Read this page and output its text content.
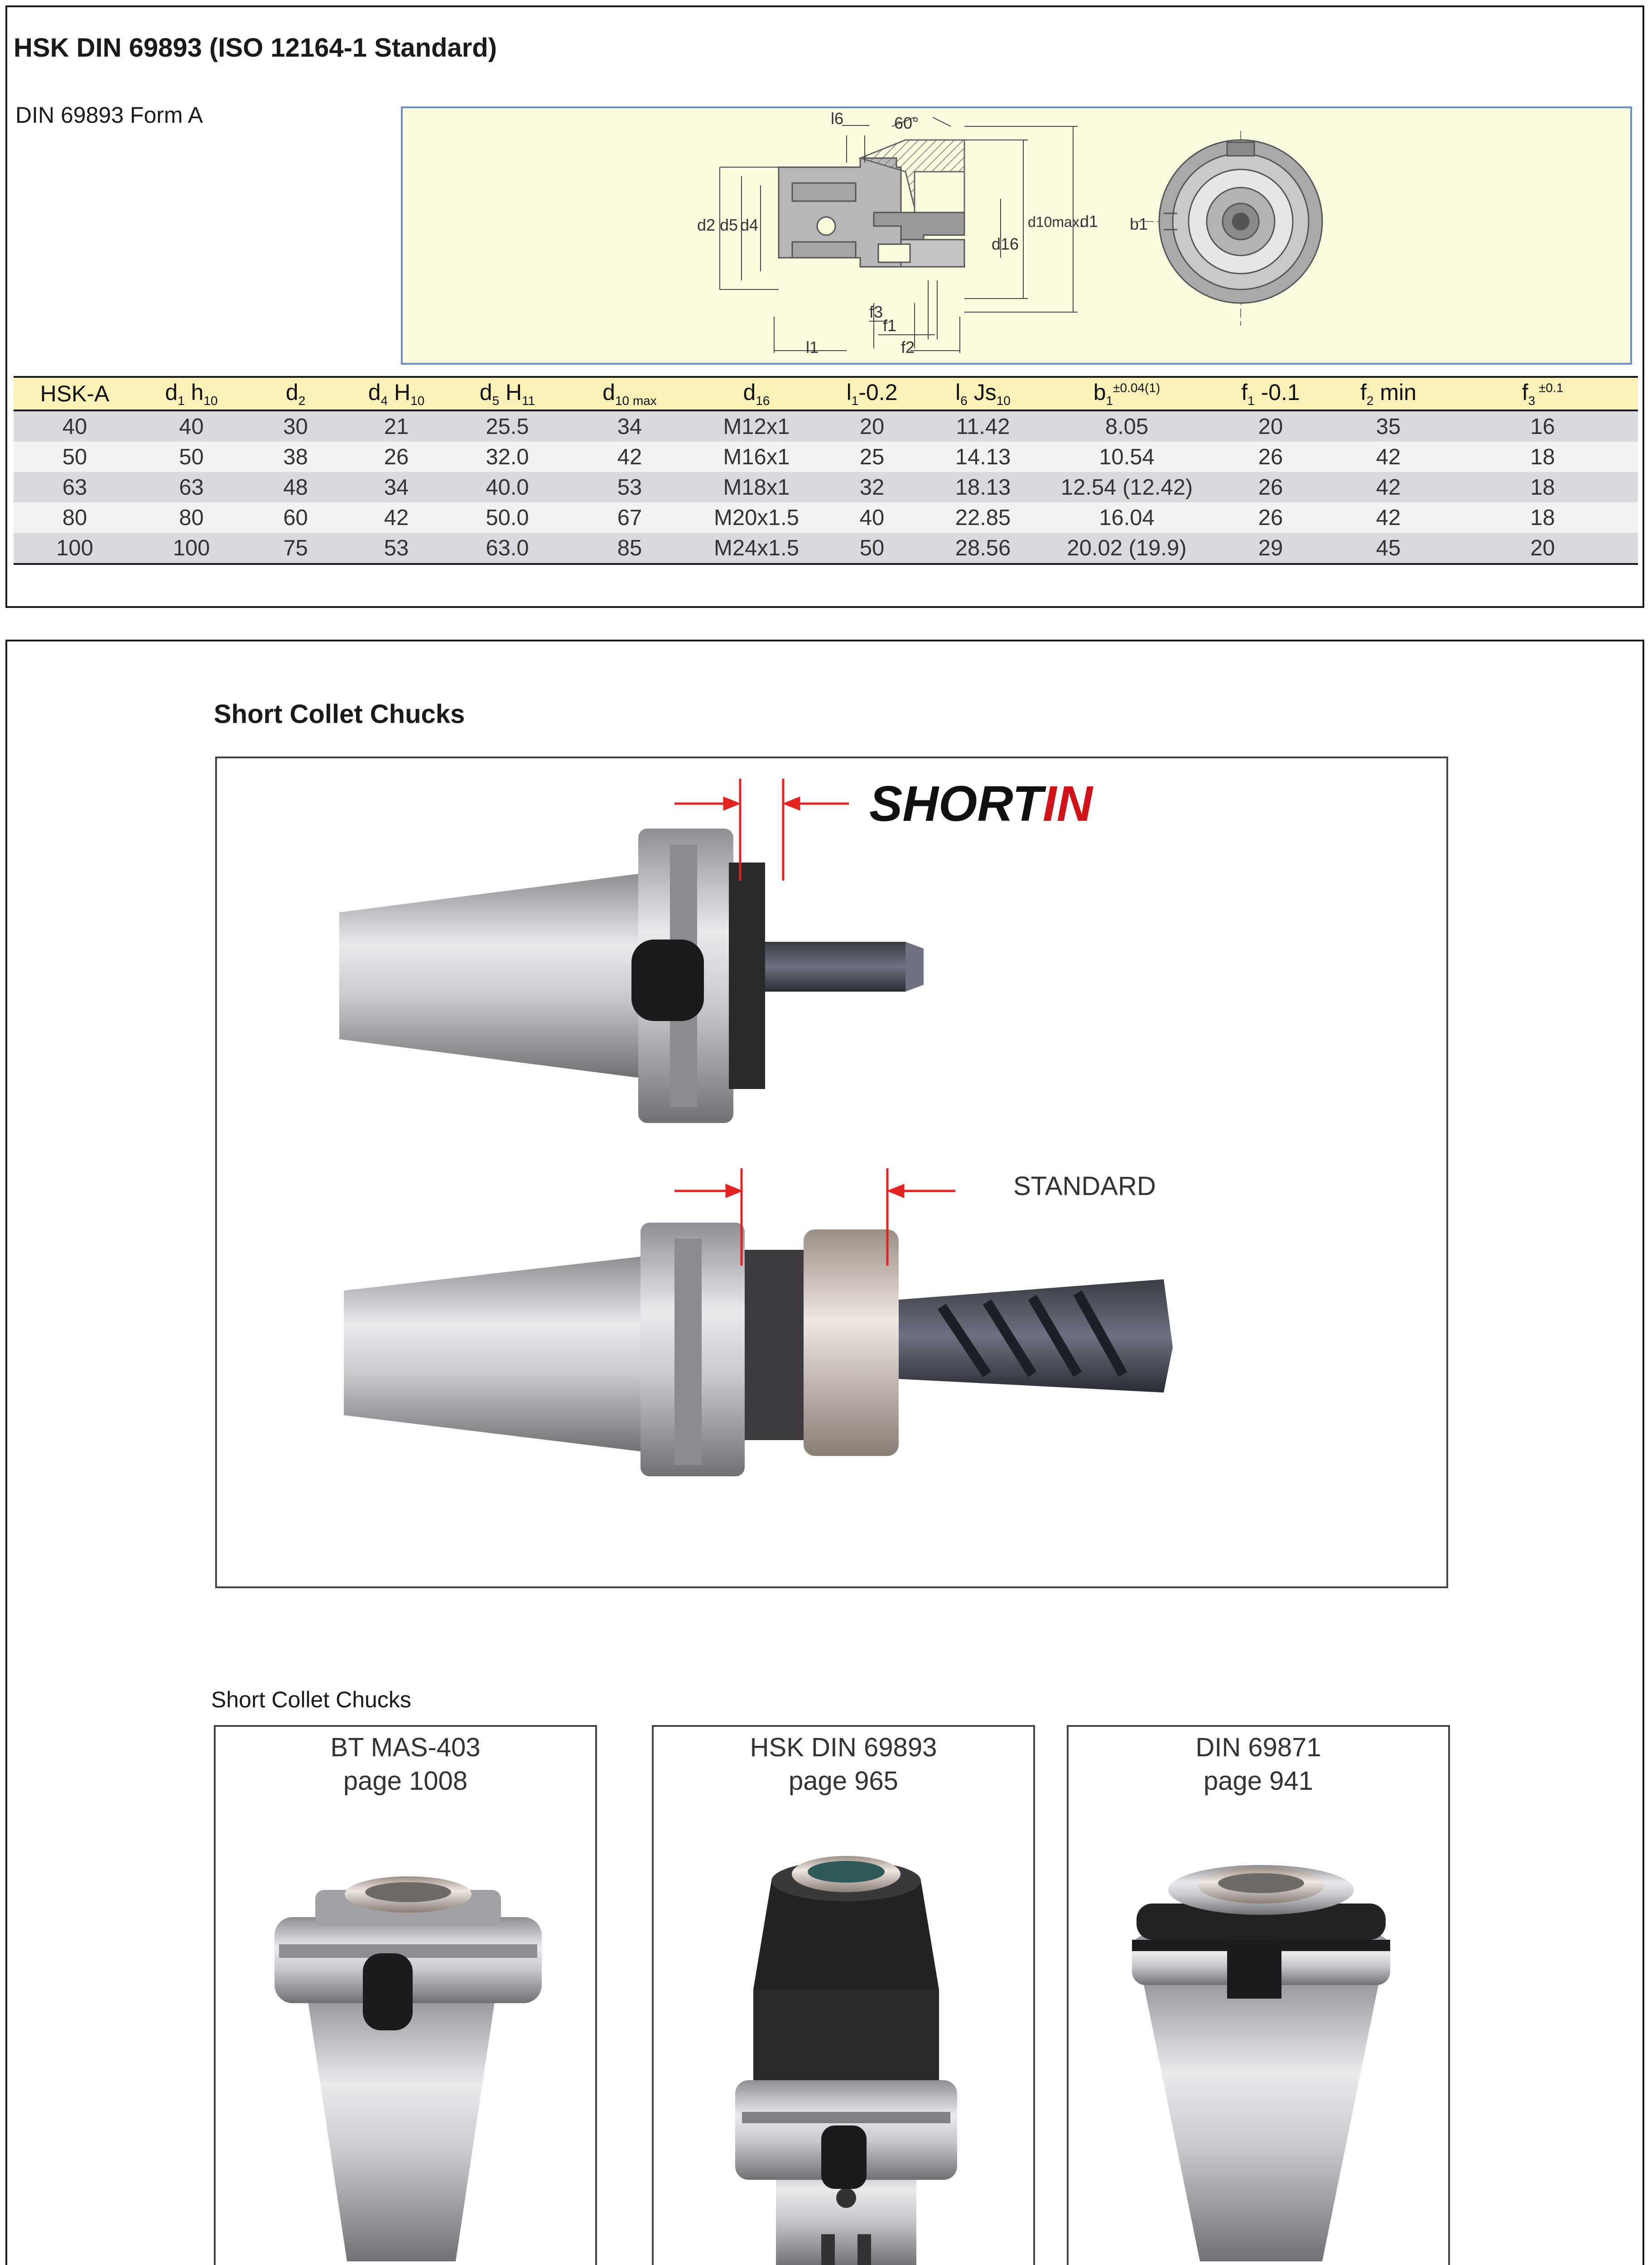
HSK DIN 69893 (ISO 12164-1 Standard)
DIN 69893 Form A	l6	60°
d2 d5 d4	d10max.
d1
d16
f3
f1
f2
l1
b1
HSK-A	$d_1$ $h_{10}$	$d_2$	$d_4$ $H_{10}$	$d_5$ $H_{11}$	$d_{10 max}$	$d_{16}$	$l_1-0.2$	$l_6$ $Js_{10}$	$b_1^{\pm 0.04(1)}$	$f_1$ -0.1	$f_2$ min	$f_3$ $^{\pm 0.1}$
40	40	30	21	25.5	34	M12x1	20	11.42	8.05	20	35	16
50	50	38	26	32.0	42	M16x1	25	14.13	10.54	26	42	18
63	63	48	34	40.0	53	M18x1	32	18.13	12.54 (12.42)	26	42	18
80	80	60	42	50.0	67	M20x1.5	40	22.85	16.04	26	42	18
100	100	75	53	63.0	85	M24x1.5	50	28.56	20.02 (19.9)	29	45	20
Short Collet Chucks
SHORTIN
STANDARD
Short Collet Chucks
BT MAS-403
page 1008
HSK DIN 69893
page 965
DIN 69871
page 941
